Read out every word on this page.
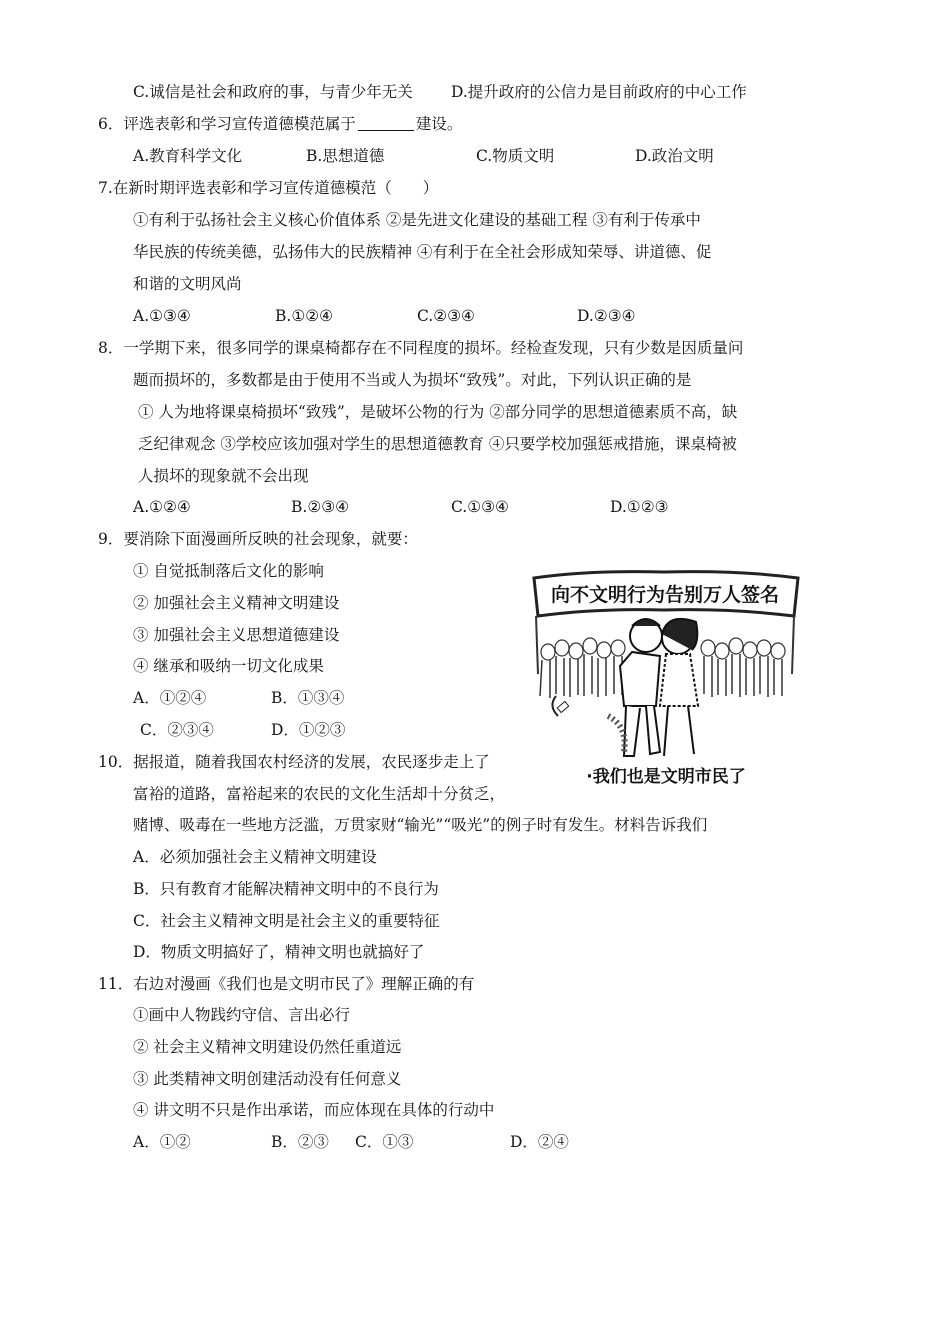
C.诚信是社会和政府的事，与青少年无关 D.提升政府的公信力是目前政府的中心工作
6．评选表彰和学习宣传道德模范属于	建设。
A.教育科学文化	B.思想道德	C.物质文明	D.政治文明
7.在新时期评选表彰和学习宣传道德模范（　　）
①有利于弘扬社会主义核心价值体系 ②是先进文化建设的基础工程 ③有利于传承中
华民族的传统美德，弘扬伟大的民族精神 ④有利于在全社会形成知荣辱、讲道德、促
和谐的文明风尚
A.①③④	B.①②④	C.②③④	D.②③④
8．一学期下来，很多同学的课桌椅都存在不同程度的损坏。经检查发现，只有少数是因质量问
题而损坏的，多数都是由于使用不当或人为损坏“致残”。对此，下列认识正确的是
① 人为地将课桌椅损坏“致残”，是破坏公物的行为 ②部分同学的思想道德素质不高，缺
乏纪律观念 ③学校应该加强对学生的思想道德教育 ④只要学校加强惩戒措施，课桌椅被
人损坏的现象就不会出现
A.①②④	B.②③④	C.①③④	D.①②③
9．要消除下面漫画所反映的社会现象，就要：
① 自觉抵制落后文化的影响
② 加强社会主义精神文明建设
③ 加强社会主义思想道德建设
④ 继承和吸纳一切文化成果
A．①②④	B．①③④
C．②③④	D．①②③
向不文明行为告别万人签名
·我们也是文明市民了
10．据报道，随着我国农村经济的发展，农民逐步走上了
富裕的道路，富裕起来的农民的文化生活却十分贫乏，
赌博、吸毒在一些地方泛滥，万贯家财“输光”“吸光”的例子时有发生。材料告诉我们
A．必须加强社会主义精神文明建设
B．只有教育才能解决精神文明中的不良行为
C．社会主义精神文明是社会主义的重要特征
D．物质文明搞好了，精神文明也就搞好了
11．右边对漫画《我们也是文明市民了》理解正确的有
①画中人物践约守信、言出必行
② 社会主义精神文明建设仍然任重道远
③ 此类精神文明创建活动没有任何意义
④ 讲文明不只是作出承诺，而应体现在具体的行动中
A．①②	B．②③ C．①③	D．②④
